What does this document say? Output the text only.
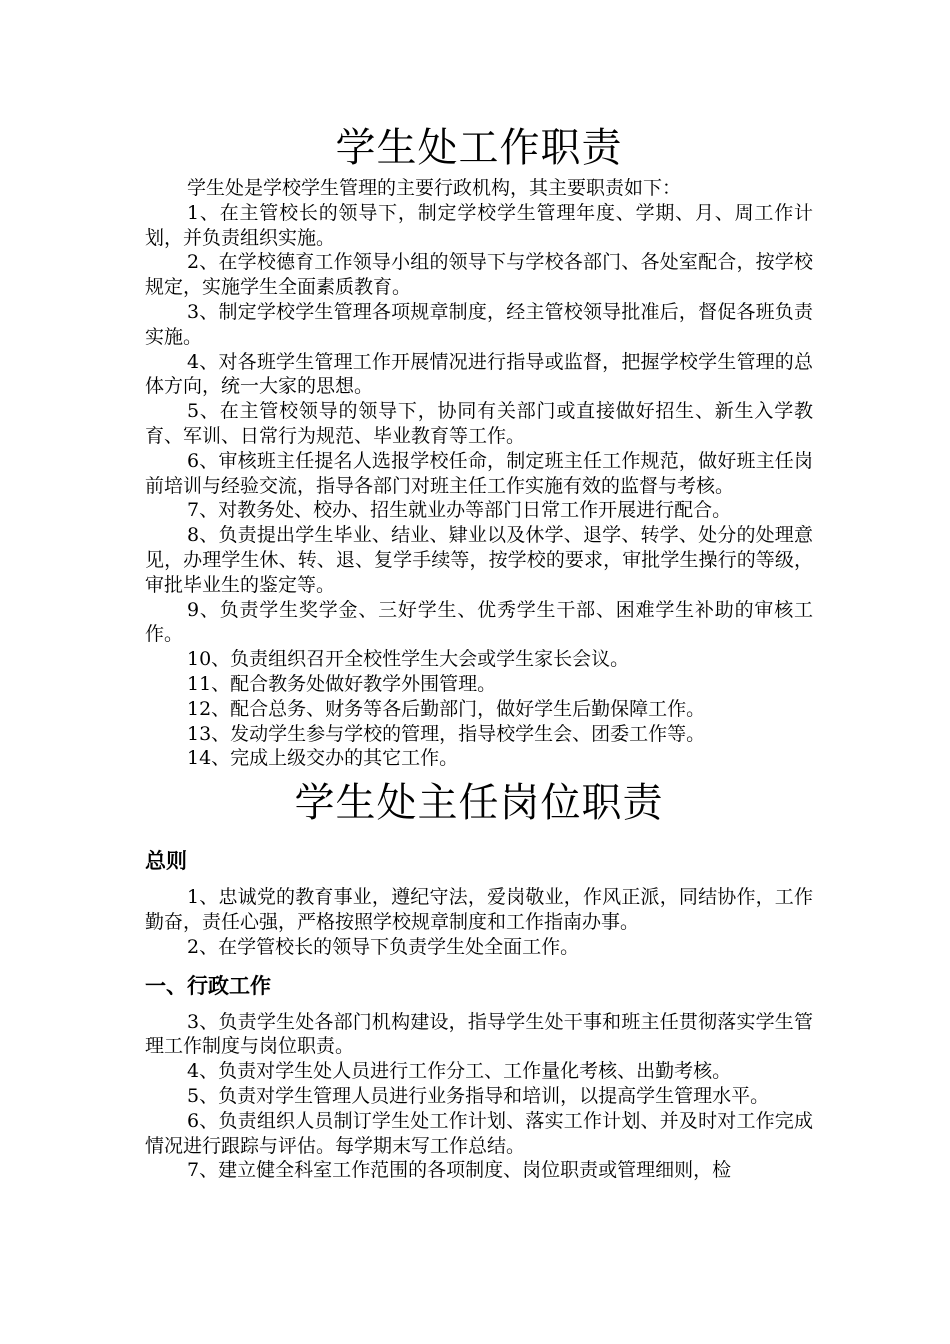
学生处工作职责

学生处是学校学生管理的主要行政机构，其主要职责如下：

1、在主管校长的领导下，制定学校学生管理年度、学期、月、周工作计划，并负责组织实施。

2、在学校德育工作领导小组的领导下与学校各部门、各处室配合，按学校规定，实施学生全面素质教育。

3、制定学校学生管理各项规章制度，经主管校领导批准后，督促各班负责实施。

4、对各班学生管理工作开展情况进行指导或监督，把握学校学生管理的总体方向，统一大家的思想。

5、在主管校领导的领导下，协同有关部门或直接做好招生、新生入学教育、军训、日常行为规范、毕业教育等工作。

6、审核班主任提名人选报学校任命，制定班主任工作规范，做好班主任岗前培训与经验交流，指导各部门对班主任工作实施有效的监督与考核。

7、对教务处、校办、招生就业办等部门日常工作开展进行配合。

8、负责提出学生毕业、结业、肄业以及休学、退学、转学、处分的处理意见，办理学生休、转、退、复学手续等，按学校的要求，审批学生操行的等级，审批毕业生的鉴定等。

9、负责学生奖学金、三好学生、优秀学生干部、困难学生补助的审核工作。

10、负责组织召开全校性学生大会或学生家长会议。

11、配合教务处做好教学外围管理。

12、配合总务、财务等各后勤部门，做好学生后勤保障工作。

13、发动学生参与学校的管理，指导校学生会、团委工作等。

14、完成上级交办的其它工作。

学生处主任岗位职责
总则

1、忠诚党的教育事业，遵纪守法，爱岗敬业，作风正派，同结协作，工作勤奋，责任心强，严格按照学校规章制度和工作指南办事。

2、在学管校长的领导下负责学生处全面工作。

一、行政工作

3、负责学生处各部门机构建设，指导学生处干事和班主任贯彻落实学生管理工作制度与岗位职责。

4、负责对学生处人员进行工作分工、工作量化考核、出勤考核。

5、负责对学生管理人员进行业务指导和培训，以提高学生管理水平。

6、负责组织人员制订学生处工作计划、落实工作计划、并及时对工作完成情况进行跟踪与评估。每学期末写工作总结。

7、建立健全科室工作范围的各项制度、岗位职责或管理细则，检
